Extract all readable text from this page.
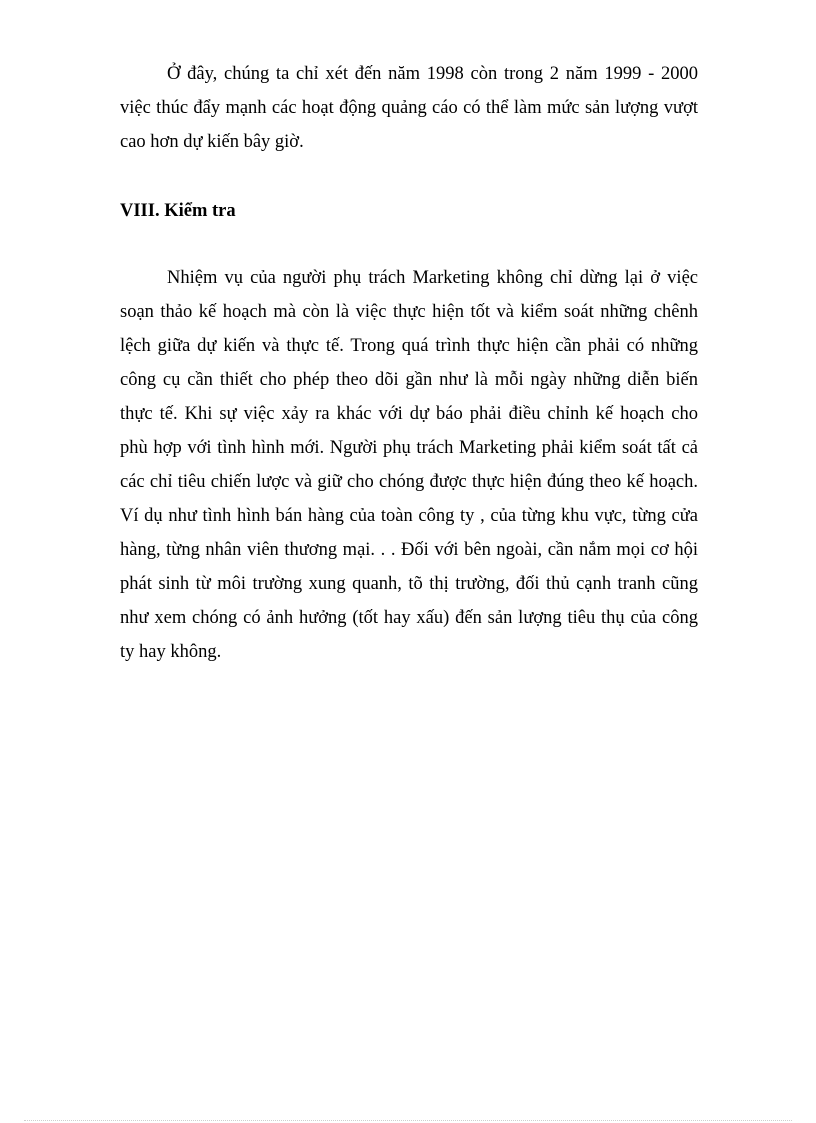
Ở đây, chúng ta chỉ xét đến năm 1998 còn trong 2 năm 1999 - 2000
việc thúc đẩy mạnh các hoạt động quảng cáo có thể làm mức sản lượng vượt
cao hơn dự kiến bây giờ.
VIII. Kiểm tra
Nhiệm vụ của người phụ trách Marketing không chỉ dừng lại ở việc
soạn thảo kế hoạch mà còn là việc thực hiện tốt và kiểm soát những chênh
lệch giữa dự kiến và thực tế. Trong quá trình thực hiện cần phải có những
công cụ cần thiết cho phép theo dõi gần như là mỗi ngày những diễn biến
thực tế. Khi sự việc xảy ra khác với dự báo phải điều chỉnh kế hoạch cho
phù hợp với tình hình mới. Người phụ trách Marketing phải kiểm soát tất cả
các chỉ tiêu chiến lược và giữ cho chóng được thực hiện đúng theo kế hoạch.
Ví dụ như tình hình bán hàng của toàn công ty , của từng khu vực, từng cửa
hàng, từng nhân viên thương mại. . . Đối với bên ngoài, cần nắm mọi cơ hội
phát sinh từ môi trường xung quanh, tõ thị trường, đối thủ cạnh tranh cũng
như xem chóng có ảnh hưởng (tốt hay xấu) đến sản lượng tiêu thụ của công
ty hay không.
